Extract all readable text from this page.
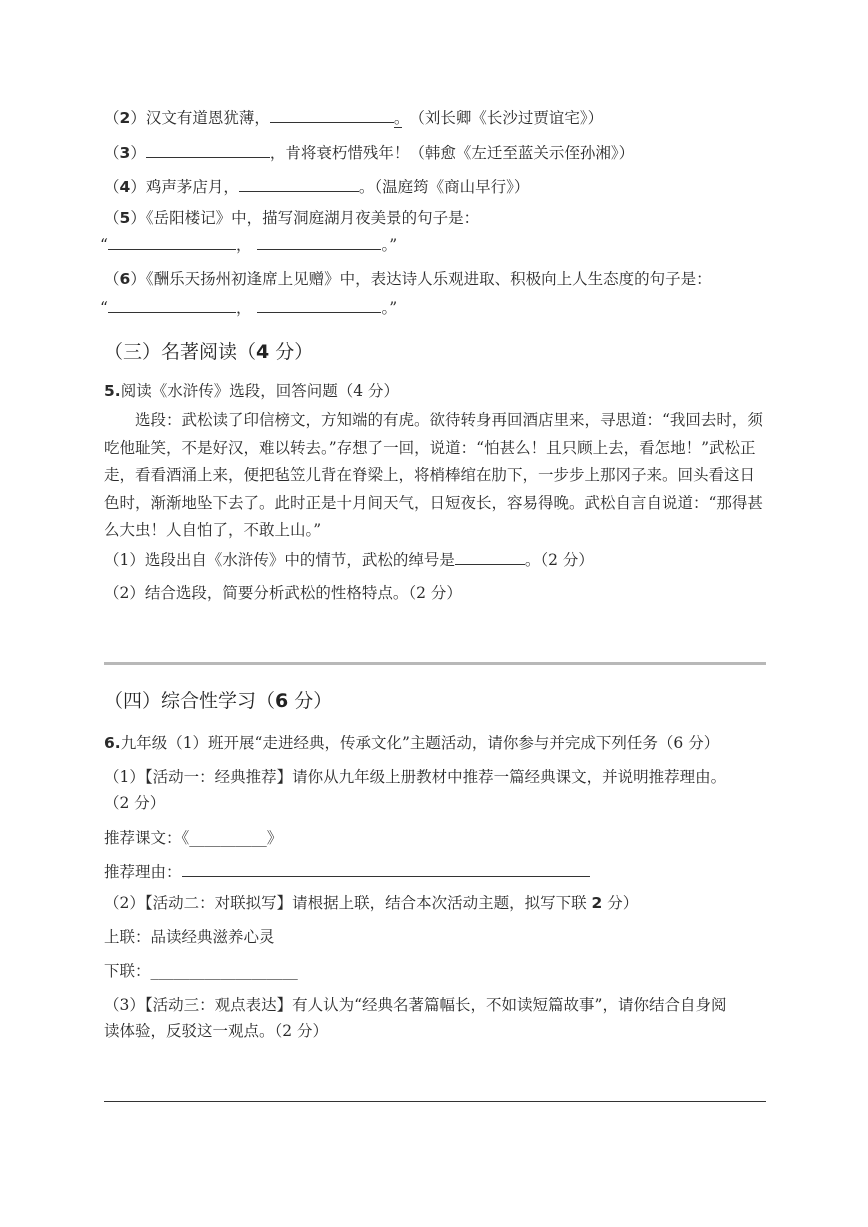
（2）汉文有道恩犹薄，	。　 （刘长卿《长沙过贾谊宅》）
（3）	，肯将衰朽惜残年！（韩愈《左迁至蓝关示侄孙湘》）
（4）鸡声茅店月，	。（温庭筠《商山早行》）
（5）《岳阳楼记》中，描写洞庭湖月夜美景的句子是：
“	，	。”
（6）《酬乐天扬州初逢席上见赠》中，表达诗人乐观进取、积极向上人生态度的句子是：
“	，	。”
（三）名著阅读（4 分）
5.阅读《水浒传》选段，回答问题（4 分）
选段：武松读了印信榜文，方知端的有虎。欲待转身再回酒店里来，寻思道：“我回去时，须吃他耻笑，不是好汉，难以转去。”存想了一回，说道：“怕甚么！且只顾上去，看怎地！”武松正走，看看酒涌上来，便把毡笠儿背在脊梁上，将梢棒绾在肋下，一步步上那冈子来。回头看这日色时，渐渐地坠下去了。此时正是十月间天气，日短夜长，容易得晚。武松自言自说道：“那得甚么大虫！人自怕了，不敢上山。”
（1）选段出自《水浒传》中的情节，武松的绰号是	。（2 分）
（2）结合选段，简要分析武松的性格特点。（2 分）
（四）综合性学习（6 分）
6.九年级（1）班开展“走进经典，传承文化”主题活动，请你参与并完成下列任务（6 分）
（1）【活动一：经典推荐】请你从九年级上册教材中推荐一篇经典课文，并说明推荐理由。
（2 分）
推荐课文：《__________》
推荐理由：
（2）【活动二：对联拟写】请根据上联，结合本次活动主题，拟写下联 2 分）
上联：品读经典滋养心灵
下联：___________________
（3）【活动三：观点表达】有人认为“经典名著篇幅长，不如读短篇故事”，请你结合自身阅
读体验，反驳这一观点。（2 分）
